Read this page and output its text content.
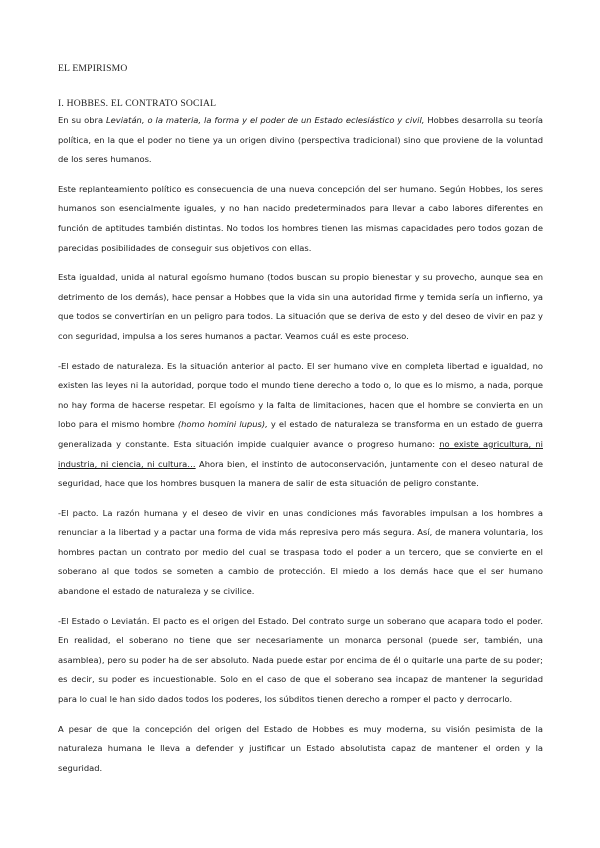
EL EMPIRISMO
I. HOBBES. EL CONTRATO SOCIAL

En su obra Leviatán, o la materia, la forma y el poder de un Estado eclesiástico y civil, Hobbes desarrolla su teoría política, en la que el poder no tiene ya un origen divino (perspectiva tradicional) sino que proviene de la voluntad de los seres humanos.

Este replanteamiento político es consecuencia de una nueva concepción del ser humano. Según Hobbes, los seres humanos son esencialmente iguales, y no han nacido predeterminados para llevar a cabo labores diferentes en función de aptitudes también distintas. No todos los hombres tienen las mismas capacidades pero todos gozan de parecidas posibilidades de conseguir sus objetivos con ellas.

Esta igualdad, unida al natural egoísmo humano (todos buscan su propio bienestar y su provecho, aunque sea en detrimento de los demás), hace pensar a Hobbes que la vida sin una autoridad firme y temida sería un infierno, ya que todos se convertirían en un peligro para todos. La situación que se deriva de esto y del deseo de vivir en paz y con seguridad, impulsa a los seres humanos a pactar. Veamos cuál es este proceso.

-El estado de naturaleza. Es la situación anterior al pacto. El ser humano vive en completa libertad e igualdad, no existen las leyes ni la autoridad, porque todo el mundo tiene derecho a todo o, lo que es lo mismo, a nada, porque no hay forma de hacerse respetar. El egoísmo y la falta de limitaciones, hacen que el hombre se convierta en un lobo para el mismo hombre (homo homini lupus), y el estado de naturaleza se transforma en un estado de guerra generalizada y constante. Esta situación impide cualquier avance o progreso humano: no existe agricultura, ni industria, ni ciencia, ni cultura… Ahora bien, el instinto de autoconservación, juntamente con el deseo natural de seguridad, hace que los hombres busquen la manera de salir de esta situación de peligro constante.

-El pacto. La razón humana y el deseo de vivir en unas condiciones más favorables impulsan a los hombres a renunciar a la libertad y a pactar una forma de vida más represiva pero más segura. Así, de manera voluntaria, los hombres pactan un contrato por medio del cual se traspasa todo el poder a un tercero, que se convierte en el soberano al que todos se someten a cambio de protección. El miedo a los demás hace que el ser humano abandone el estado de naturaleza y se civilice.

-El Estado o Leviatán. El pacto es el origen del Estado. Del contrato surge un soberano que acapara todo el poder. En realidad, el soberano no tiene que ser necesariamente un monarca personal (puede ser, también, una asamblea), pero su poder ha de ser absoluto. Nada puede estar por encima de él o quitarle una parte de su poder; es decir, su poder es incuestionable. Solo en el caso de que el soberano sea incapaz de mantener la seguridad para lo cual le han sido dados todos los poderes, los súbditos tienen derecho a romper el pacto y derrocarlo.

A pesar de que la concepción del origen del Estado de Hobbes es muy moderna, su visión pesimista de la naturaleza humana le lleva a defender y justificar un Estado absolutista capaz de mantener el orden y la seguridad.
